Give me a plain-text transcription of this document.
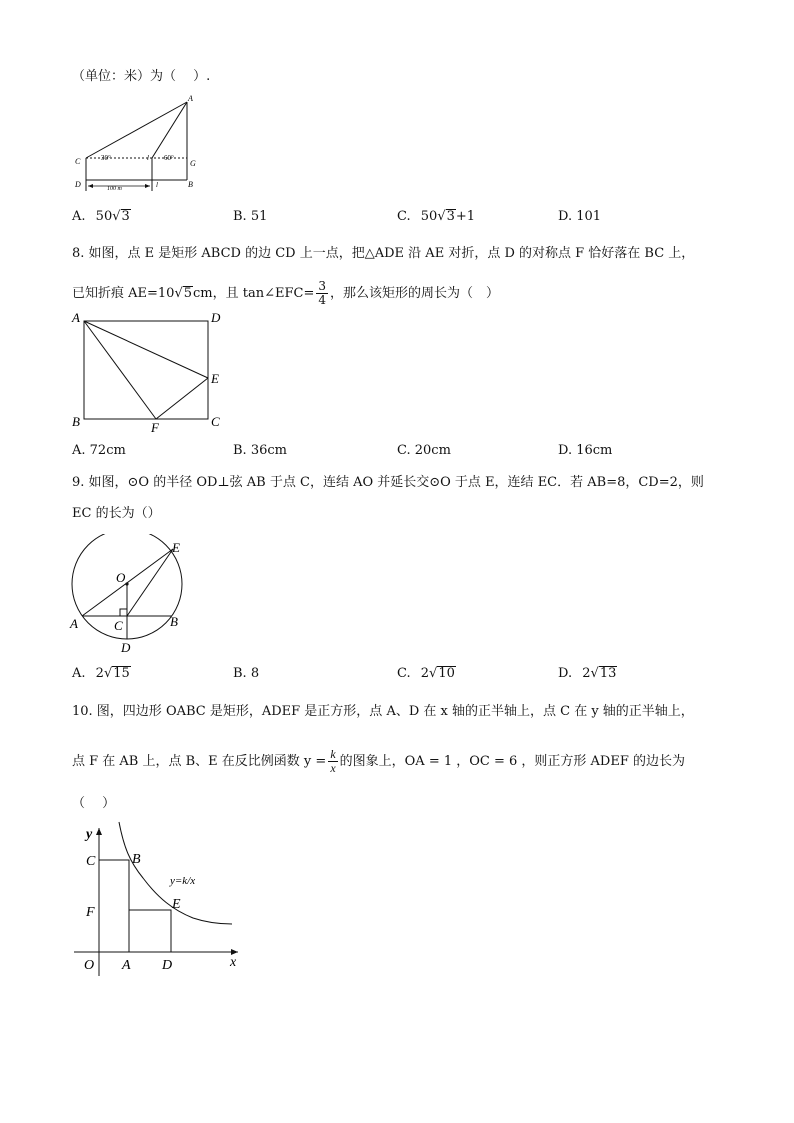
（单位：米）为（　 ）.
A
C	30°	l 60°
G
D	100 m	l	B
A. 50√3	B. 51	C. 50√3+1	D. 101
8. 如图，点 E 是矩形 ABCD 的边 CD 上一点，把△ADE 沿 AE 对折，点 D 的对称点 F 恰好落在 BC 上，
已知折痕 AE=10√5cm，且 tan∠EFC= $\frac{3}{4}$ ，那么该矩形的周长为（　）
A	D
E
B	F	C
A. 72cm	B. 36cm	C. 20cm	D. 16cm
9. 如图，⊙O 的半径 OD⊥弦 AB 于点 C，连结 AO 并延长交⊙O 于点 E，连结 EC．若 AB=8，CD=2，则
EC 的长为（）
E
O
A	C	B
D
A. 2√15	B. 8	C. 2√10	D. 2√13
10. 图，四边形 OABC 是矩形，ADEF 是正方形，点 A、D 在 x 轴的正半轴上，点 C 在 y 轴的正半轴上，
点 F 在 AB 上，点 B、E 在反比例函数 $y = \frac{k}{x}$ 的图象上，OA = 1 ，OC = 6 ，则正方形 ADEF 的边长为
（　 ）
y
C	B
y=k/x
F
E
O A D	x
